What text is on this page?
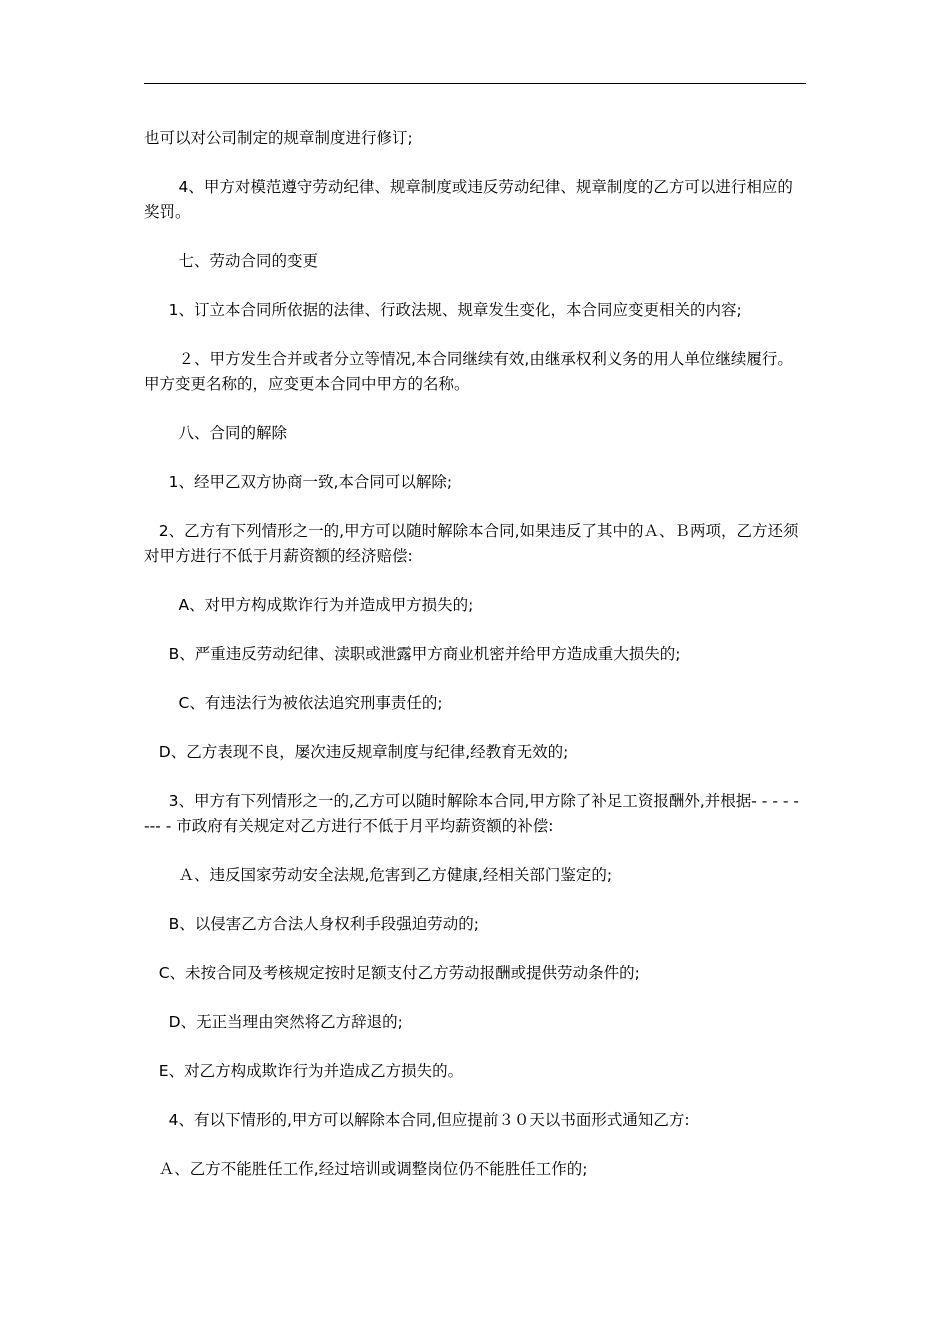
也可以对公司制定的规章制度进行修订;

4、甲方对模范遵守劳动纪律、规章制度或违反劳动纪律、规章制度的乙方可以进行相应的奖罚。

七、劳动合同的变更

1、订立本合同所依据的法律、行政法规、规章发生变化，本合同应变更相关的内容;

２、甲方发生合并或者分立等情况,本合同继续有效,由继承权利义务的用人单位继续履行。甲方变更名称的，应变更本合同中甲方的名称。

八、合同的解除

1、经甲乙双方协商一致,本合同可以解除;

2、乙方有下列情形之一的,甲方可以随时解除本合同,如果违反了其中的Ａ、Ｂ两项，乙方还须对甲方进行不低于月薪资额的经济赔偿:

A、对甲方构成欺诈行为并造成甲方损失的;

B、严重违反劳动纪律、渎职或泄露甲方商业机密并给甲方造成重大损失的;

C、有违法行为被依法追究刑事责任的;

D、乙方表现不良，屡次违反规章制度与纪律,经教育无效的;

3、甲方有下列情形之一的,乙方可以随时解除本合同,甲方除了补足工资报酬外,并根据- - - - - --- - 市政府有关规定对乙方进行不低于月平均薪资额的补偿:

Ａ、违反国家劳动安全法规,危害到乙方健康,经相关部门鉴定的;

B、以侵害乙方合法人身权利手段强迫劳动的;

C、未按合同及考核规定按时足额支付乙方劳动报酬或提供劳动条件的;

D、无正当理由突然将乙方辞退的;

E、对乙方构成欺诈行为并造成乙方损失的。

4、有以下情形的,甲方可以解除本合同,但应提前３０天以书面形式通知乙方:

Ａ、乙方不能胜任工作,经过培训或调整岗位仍不能胜任工作的;
